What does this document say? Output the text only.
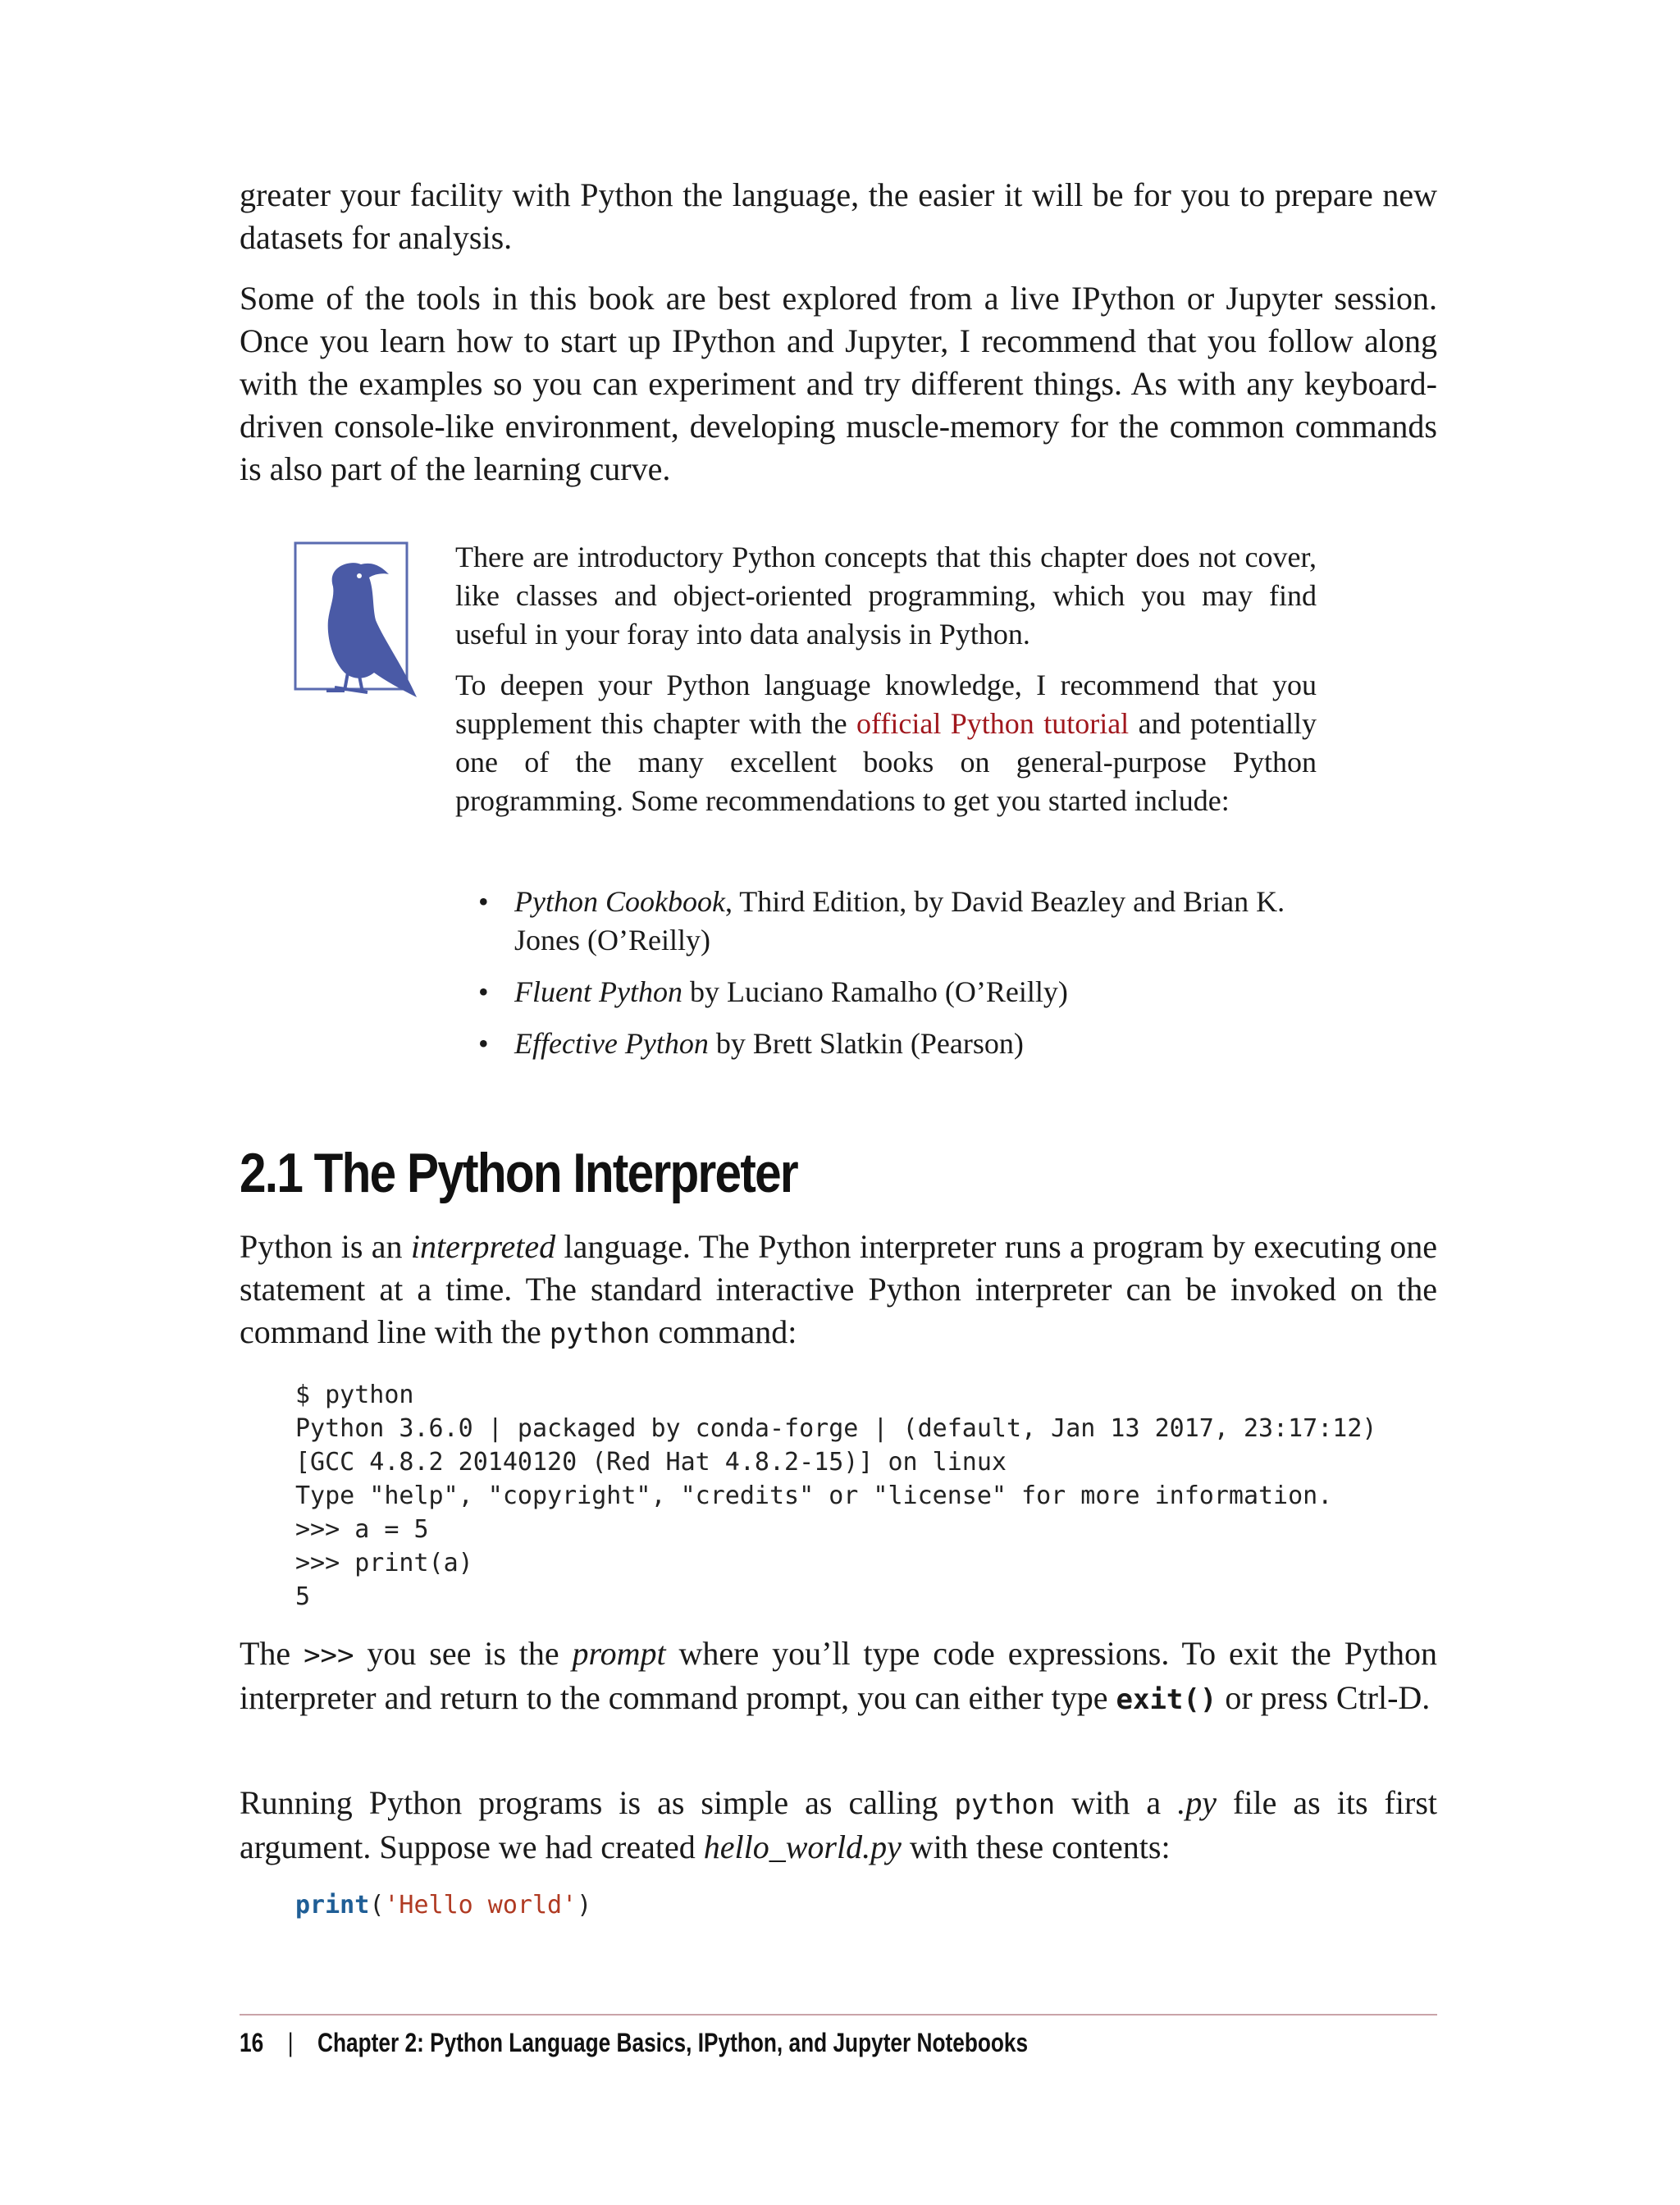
greater your facility with Python the language, the easier it will be for you to prepare new datasets for analysis.

Some of the tools in this book are best explored from a live IPython or Jupyter session. Once you learn how to start up IPython and Jupyter, I recommend that you follow along with the examples so you can experiment and try different things. As with any keyboard-driven console-like environment, developing muscle-memory for the common commands is also part of the learning curve.

There are introductory Python concepts that this chapter does not cover, like classes and object-oriented programming, which you may find useful in your foray into data analysis in Python.

To deepen your Python language knowledge, I recommend that you supplement this chapter with the official Python tutorial and potentially one of the many excellent books on general-purpose Python programming. Some recommendations to get you started include:

• Python Cookbook, Third Edition, by David Beazley and Brian K. Jones (O’Reilly)
• Fluent Python by Luciano Ramalho (O’Reilly)
• Effective Python by Brett Slatkin (Pearson)
2.1 The Python Interpreter

Python is an interpreted language. The Python interpreter runs a program by executing one statement at a time. The standard interactive Python interpreter can be invoked on the command line with the python command:

$ python
Python 3.6.0 | packaged by conda-forge | (default, Jan 13 2017, 23:17:12)
[GCC 4.8.2 20140120 (Red Hat 4.8.2-15)] on linux
Type "help", "copyright", "credits" or "license" for more information.
>>> a = 5
>>> print(a)
5

The >>> you see is the prompt where you’ll type code expressions. To exit the Python interpreter and return to the command prompt, you can either type exit() or press Ctrl-D.

Running Python programs is as simple as calling python with a .py file as its first argument. Suppose we had created hello_world.py with these contents:

print('Hello world')
16 | Chapter 2: Python Language Basics, IPython, and Jupyter Notebooks
